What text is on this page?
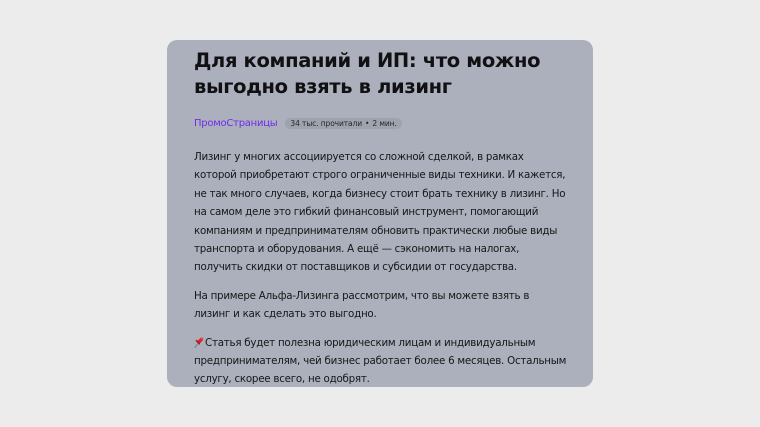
Для компаний и ИП: что можно выгодно взять в лизинг
ПромоСтраницы 34 тыс. прочитали • 2 мин.

Лизинг у многих ассоциируется со сложной сделкой, в рамках которой приобретают строго ограниченные виды техники. И кажется, не так много случаев, когда бизнесу стоит брать технику в лизинг. Но на самом деле это гибкий финансовый инструмент, помогающий компаниям и предпринимателям обновить практически любые виды транспорта и оборудования. А ещё — сэкономить на налогах, получить скидки от поставщиков и субсидии от государства.

На примере Альфа-Лизинга рассмотрим, что вы можете взять в лизинг и как сделать это выгодно.

Статья будет полезна юридическим лицам и индивидуальным предпринимателям, чей бизнес работает более 6 месяцев. Остальным услугу, скорее всего, не одобрят.
